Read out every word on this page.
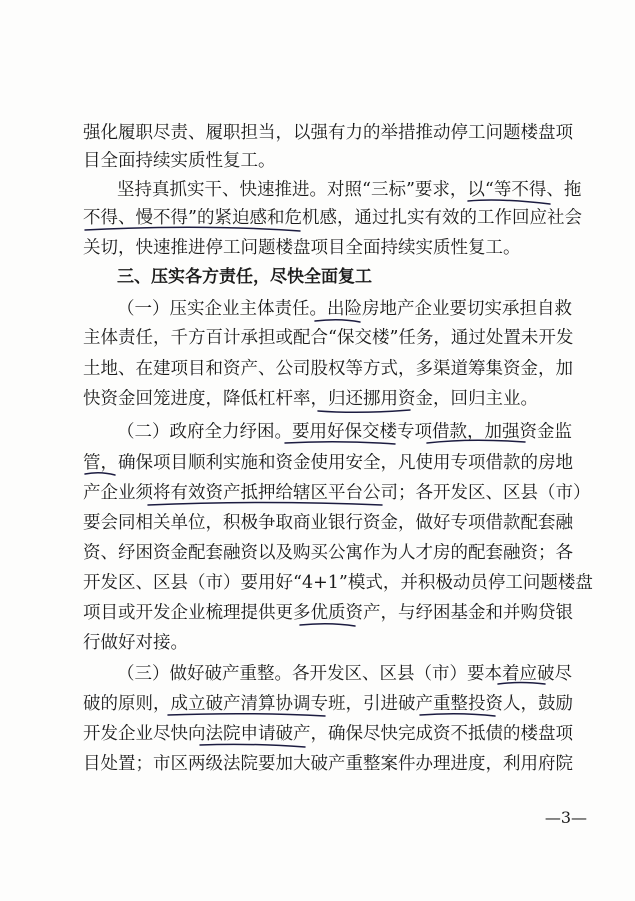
强化履职尽责、履职担当，以强有力的举措推动停工问题楼盘项
目全面持续实质性复工。
坚持真抓实干、快速推进。对照“三标”要求，以“等不得、拖
不得、慢不得”的紧迫感和危机感，通过扎实有效的工作回应社会
关切，快速推进停工问题楼盘项目全面持续实质性复工。
三、压实各方责任，尽快全面复工
（一）压实企业主体责任。出险房地产企业要切实承担自救
主体责任，千方百计承担或配合“保交楼”任务，通过处置未开发
土地、在建项目和资产、公司股权等方式，多渠道筹集资金，加
快资金回笼进度，降低杠杆率，归还挪用资金，回归主业。
（二）政府全力纾困。要用好保交楼专项借款，加强资金监
管，确保项目顺利实施和资金使用安全，凡使用专项借款的房地
产企业须将有效资产抵押给辖区平台公司；各开发区、区县（市）
要会同相关单位，积极争取商业银行资金，做好专项借款配套融
资、纾困资金配套融资以及购买公寓作为人才房的配套融资；各
开发区、区县（市）要用好“4+1”模式，并积极动员停工问题楼盘
项目或开发企业梳理提供更多优质资产，与纾困基金和并购贷银
行做好对接。
（三）做好破产重整。各开发区、区县（市）要本着应破尽
破的原则，成立破产清算协调专班，引进破产重整投资人，鼓励
开发企业尽快向法院申请破产，确保尽快完成资不抵债的楼盘项
目处置；市区两级法院要加大破产重整案件办理进度，利用府院
—3—
